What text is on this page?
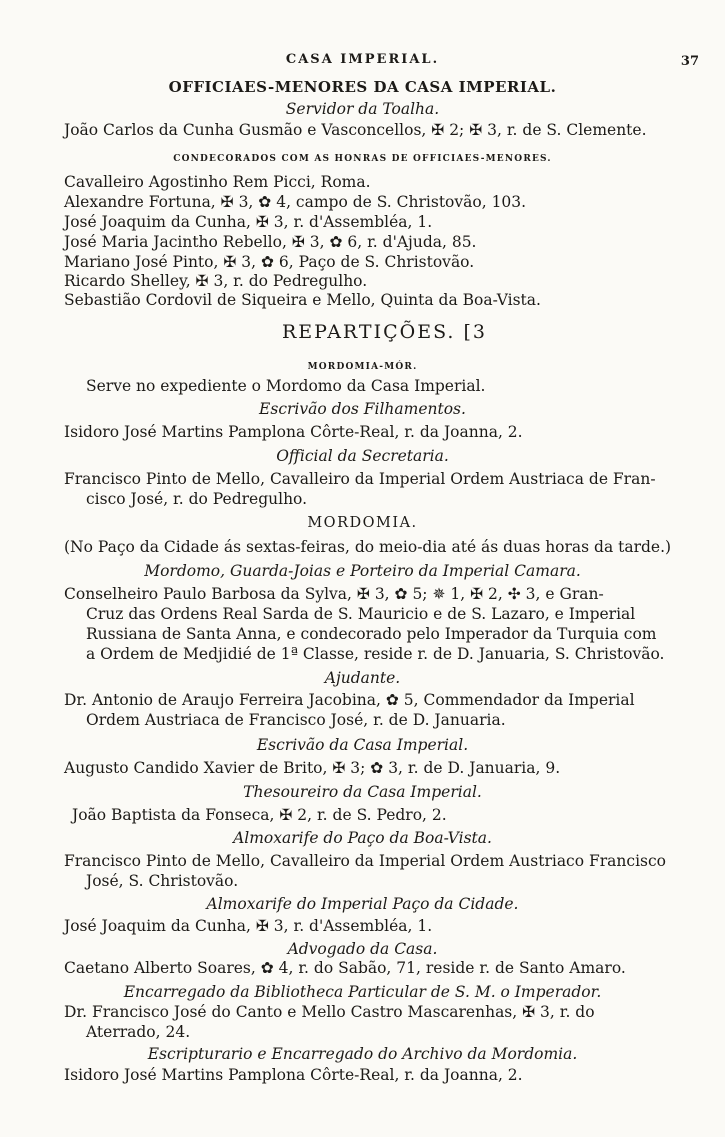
CASA IMPERIAL.	37
OFFICIAES-MENORES DA CASA IMPERIAL.
Servidor da Toalha.
João Carlos da Cunha Gusmão e Vasconcellos, ✠ 2; ✠ 3, r. de S. Clemente.
CONDECORADOS COM AS HONRAS DE OFFICIAES-MENORES.
Cavalleiro Agostinho Rem Picci, Roma.
Alexandre Fortuna, ✠ 3, ✿ 4, campo de S. Christovão, 103.
José Joaquim da Cunha, ✠ 3, r. d'Assembléa, 1.
José Maria Jacintho Rebello, ✠ 3, ✿ 6, r. d'Ajuda, 85.
Mariano José Pinto, ✠ 3, ✿ 6, Paço de S. Christovão.
Ricardo Shelley, ✠ 3, r. do Pedregulho.
Sebastião Cordovil de Siqueira e Mello, Quinta da Boa-Vista.
REPARTIÇÕES. [3
MORDOMIA-MÓR.
Serve no expediente o Mordomo da Casa Imperial.
Escrivão dos Filhamentos.
Isidoro José Martins Pamplona Côrte-Real, r. da Joanna, 2.
Official da Secretaria.
Francisco Pinto de Mello, Cavalleiro da Imperial Ordem Austriaca de Fran-
cisco José, r. do Pedregulho.
MORDOMIA.
(No Paço da Cidade ás sextas-feiras, do meio-dia até ás duas horas da tarde.)
Mordomo, Guarda-Joias e Porteiro da Imperial Camara.
Conselheiro Paulo Barbosa da Sylva, ✠ 3, ✿ 5; ✵ 1, ✠ 2, ✣ 3, e Gran-
Cruz das Ordens Real Sarda de S. Mauricio e de S. Lazaro, e Imperial
Russiana de Santa Anna, e condecorado pelo Imperador da Turquia com
a Ordem de Medjidié de 1ª Classe, reside r. de D. Januaria, S. Christovão.
Ajudante.
Dr. Antonio de Araujo Ferreira Jacobina, ✿ 5, Commendador da Imperial
Ordem Austriaca de Francisco José, r. de D. Januaria.
Escrivão da Casa Imperial.
Augusto Candido Xavier de Brito, ✠ 3; ✿ 3, r. de D. Januaria, 9.
Thesoureiro da Casa Imperial.
João Baptista da Fonseca, ✠ 2, r. de S. Pedro, 2.
Almoxarife do Paço da Boa-Vista.
Francisco Pinto de Mello, Cavalleiro da Imperial Ordem Austriaco Francisco
José, S. Christovão.
Almoxarife do Imperial Paço da Cidade.
José Joaquim da Cunha, ✠ 3, r. d'Assembléa, 1.
Advogado da Casa.
Caetano Alberto Soares, ✿ 4, r. do Sabão, 71, reside r. de Santo Amaro.
Encarregado da Bibliotheca Particular de S. M. o Imperador.
Dr. Francisco José do Canto e Mello Castro Mascarenhas, ✠ 3, r. do
Aterrado, 24.
Escripturario e Encarregado do Archivo da Mordomia.
Isidoro José Martins Pamplona Côrte-Real, r. da Joanna, 2.
